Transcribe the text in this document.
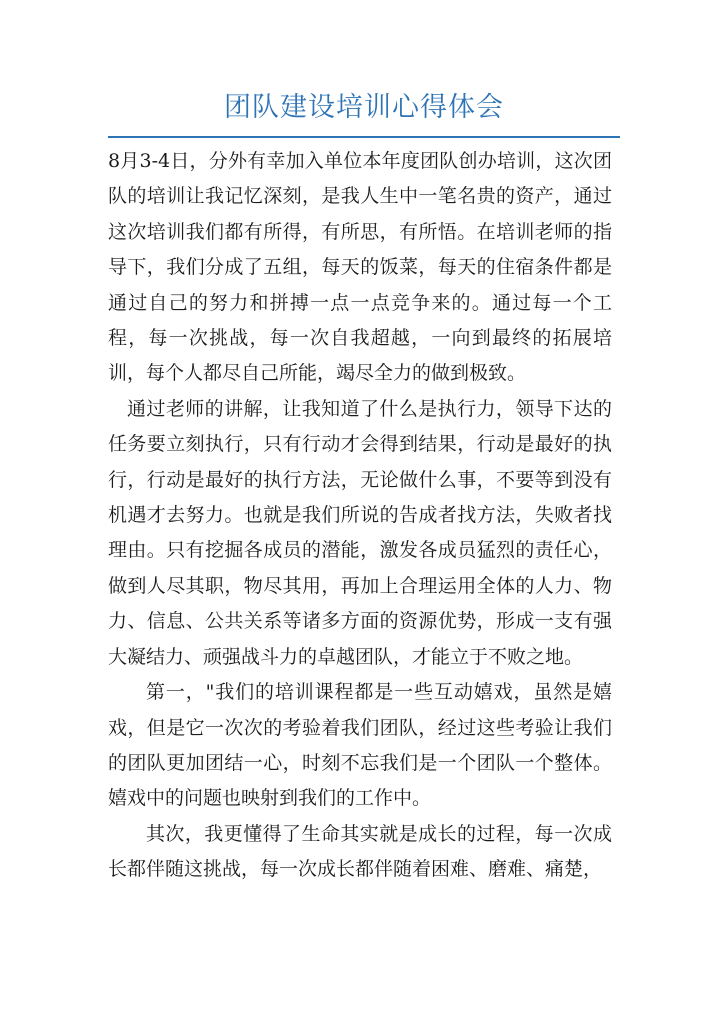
团队建设培训心得体会

8月3-4日，分外有幸加入单位本年度团队创办培训，这次团队的培训让我记忆深刻，是我人生中一笔名贵的资产，通过这次培训我们都有所得，有所思，有所悟。在培训老师的指导下，我们分成了五组，每天的饭菜，每天的住宿条件都是通过自己的努力和拼搏一点一点竞争来的。通过每一个工程，每一次挑战，每一次自我超越，一向到最终的拓展培训，每个人都尽自己所能，竭尽全力的做到极致。

通过老师的讲解，让我知道了什么是执行力，领导下达的任务要立刻执行，只有行动才会得到结果，行动是最好的执行，行动是最好的执行方法，无论做什么事，不要等到没有机遇才去努力。也就是我们所说的告成者找方法，失败者找理由。只有挖掘各成员的潜能，激发各成员猛烈的责任心，做到人尽其职，物尽其用，再加上合理运用全体的人力、物力、信息、公共关系等诸多方面的资源优势，形成一支有强大凝结力、顽强战斗力的卓越团队，才能立于不败之地。

第一，"我们的培训课程都是一些互动嬉戏，虽然是嬉戏，但是它一次次的考验着我们团队，经过这些考验让我们的团队更加团结一心，时刻不忘我们是一个团队一个整体。嬉戏中的问题也映射到我们的工作中。

其次，我更懂得了生命其实就是成长的过程，每一次成长都伴随这挑战，每一次成长都伴随着困难、磨难、痛楚，
